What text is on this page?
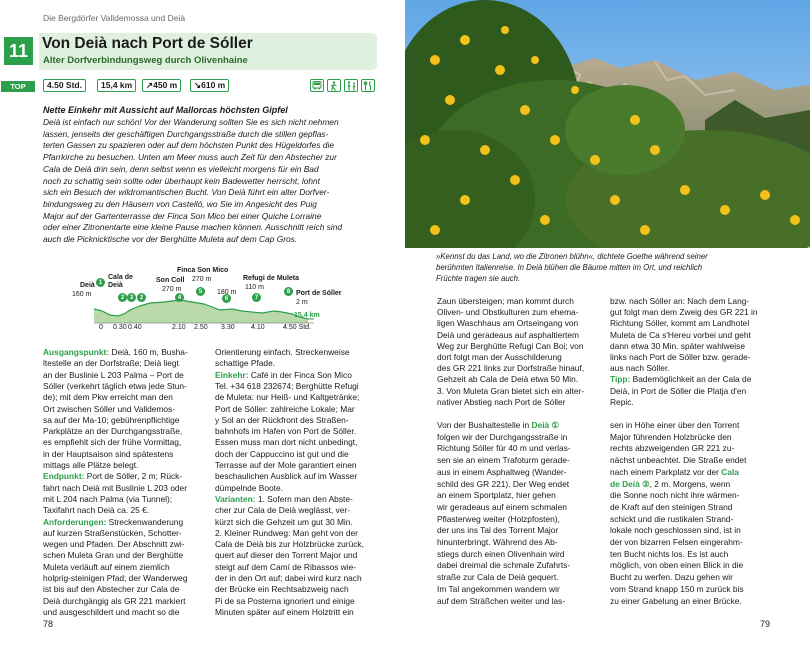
Die Bergdörfer Valldemossa und Deià
11 Von Deià nach Port de Sóller
Alter Dorfverbindungsweg durch Olivenhaine
TOP	4.50 Std.	15,4 km	↗450 m	↘610 m
Nette Einkehr mit Aussicht auf Mallorcas höchsten Gipfel
Deià ist einfach nur schön! Vor der Wanderung sollten Sie es sich nicht nehmen
lassen, jenseits der geschäftigen Durchgangsstraße durch die stillen gepflas-
terten Gassen zu spazieren oder auf dem höchsten Punkt des Hügeldorfes die
Pfarrkirche zu besuchen. Unten am Meer muss auch Zeit für den Abstecher zur
Cala de Deià drin sein, denn selbst wenn es vielleicht morgens für ein Bad
noch zu schattig sein sollte oder überhaupt kein Badewetter herrscht, lohnt
sich ein Besuch der wildromantischen Bucht. Von Deià führt ein alter Dorfver-
bindungsweg zu den Häusern von Castelló, wo Sie im Angesicht des Puig
Major auf der Gartenterrasse der Finca Son Mico bei einer Quiche Lorraine
oder einer Zitronentarte eine kleine Pause machen können. Ausschnitt reich sind
auch die Picknicktische vor der Berghütte Muleta auf dem Cap Gros.
1
2 3	2	4
5
6	7
8
Deià
160 m
Cala de Deià
Son Coll
270 m
Finca Son Mico
270 m
180 m
Refugi de Muleta
110 m
Port de Sóller
2 m
15,4 km
0 0.30 0.40	2.10 2.50 3.30 4.10	4.50 Std.
Ausgangspunkt: Deià, 160 m, Busha-
ltestelle an der Dorfstraße; Deià liegt
an der Buslinie L 203 Palma – Port de
Sóller (verkehrt täglich etwa jede Stun-
de); mit dem Pkw erreicht man den
Ort zwischen Sóller und Valldemos-
sa auf der Ma-10; gebührenpflichtige
Parkplätze an der Durchgangsstraße,
es empfiehlt sich der frühe Vormittag,
in der Hauptsaison sind spätestens
mittags alle Plätze belegt.
Endpunkt: Port de Sóller, 2 m; Rück-
fahrt nach Deià mit Buslinie L 203 oder
mit L 204 nach Palma (via Tunnel);
Taxifahrt nach Deià ca. 25 €.
Anforderungen: Streckenwanderung
auf kurzen Straßenstücken, Schotter-
wegen und Pfaden. Der Abschnitt zwi-
schen Muleta Gran und der Berghütte
Muleta verläuft auf einem ziemlich
holprig-steinigen Pfad; der Wanderweg
ist bis auf den Abstecher zur Cala de
Deià durchgängig als GR 221 markiert
und ausgeschildert und macht so die
Orientierung einfach. Streckenweise
schattige Pfade.
Einkehr: Café in der Finca Son Mico
Tel. +34 618 232674; Berghütte Refugi
de Muleta: nur Heiß- und Kaltgetränke;
Port de Sóller: zahlreiche Lokale; Mar
y Sol an der Rückfront des Straßen-
bahnhofs im Hafen von Port de Sóller.
Essen muss man dort nicht unbedingt,
doch der Cappuccino ist gut und die
Terrasse auf der Mole garantiert einen
beschaulichen Ausblick auf im Wasser
dümpelnde Boote.
Varianten: 1. Sofern man den Abste-
cher zur Cala de Deià weglässt, ver-
kürzt sich die Gehzeit um gut 30 Min.
2. Kleiner Rundweg: Man geht von der
Cala de Deià bis zur Holzbrücke zurück,
quert auf dieser den Torrent Major und
steigt auf dem Camí de Ribassos wie-
der in den Ort auf; dabei wird kurz nach
der Brücke ein Rechtsabzweig nach
Pi de sa Posterna ignoriert und einige
Minuten später auf einem Holztritt ein
78
»Kennst du das Land, wo die Zitronen blühn«, dichtete Goethe während seiner
berühmten Italienreise. In Deià blühen die Bäume mitten im Ort, und reichlich
Früchte tragen sie auch.
Zaun übersteigen; man kommt durch
Oliven- und Obstkulturen zum ehema-
ligen Waschhaus am Ortseingang von
Deià und geradeaus auf asphaltiertem
Weg zur Berghütte Refugi Can Boi; von
dort folgt man der Ausschilderung
des GR 221 links zur Dorfstraße hinauf,
Gehzeit ab Cala de Deià etwa 50 Min.
3. Von Muleta Gran bietet sich ein alter-
nativer Abstieg nach Port de Sóller
bzw. nach Sóller an: Nach dem Lang-
gut folgt man dem Zweig des GR 221 in
Richtung Sóller, kommt am Landhotel
Muleta de Ca s'Hereu vorbei und geht
dann etwa 30 Min. später wahlweise
links nach Port de Sóller bzw. gerade-
aus nach Sóller.
Tipp: Bademöglichkeit an der Cala de
Deià, in Port de Sóller die Platja d'en
Repic.
Von der Bushaltestelle in Deià ①
folgen wir der Durchgangsstraße in
Richtung Sóller für 40 m und verlas-
sen sie an einem Trafoturm gerade-
aus in einem Asphaltweg (Wander-
schild des GR 221). Der Weg endet
an einem Sportplatz, hier gehen
wir geradeaus auf einem schmalen
Pflasterweg weiter (Holzpfosten),
der uns ins Tal des Torrent Major
hinunterbringt. Während des Ab-
stiegs durch einen Olivenhain wird
dabei dreimal die schmale Zufahrts-
straße zur Cala de Deià gequert.
Im Tal angekommen wandern wir
auf dem Sträßchen weiter und las-
sen in Höhe einer über den Torrent
Major führenden Holzbrücke den
rechts abzweigenden GR 221 zu-
nächst unbeachtet. Die Straße endet
nach einem Parkplatz vor der Cala
de Deià ②, 2 m. Morgens, wenn
die Sonne noch nicht ihre wärmen-
de Kraft auf den steinigen Strand
schickt und die rustikalen Strand-
lokale noch geschlossen sind, ist in
der von bizarren Felsen eingerahm-
ten Bucht nichts los. Es ist auch
möglich, von oben einen Blick in die
Bucht zu werfen. Dazu gehen wir
vom Strand knapp 150 m zurück bis
zu einer Gabelung an einer Brücke.
79
